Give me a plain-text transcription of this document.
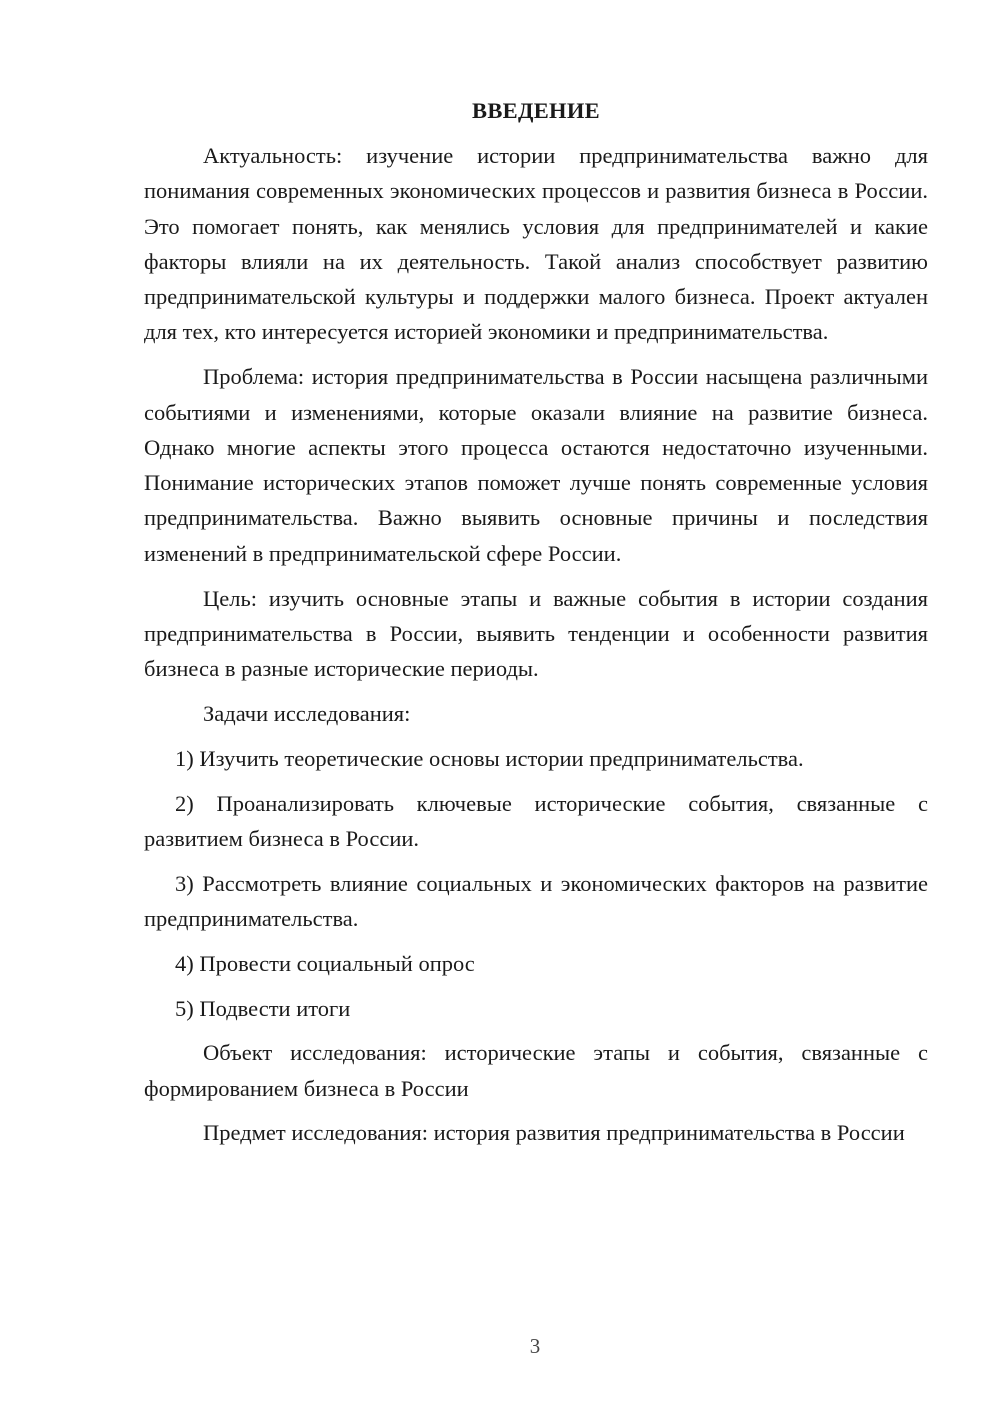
ВВЕДЕНИЕ

Актуальность: изучение истории предпринимательства важно для понимания современных экономических процессов и развития бизнеса в России. Это помогает понять, как менялись условия для предпринимателей и какие факторы влияли на их деятельность. Такой анализ способствует развитию предпринимательской культуры и поддержки малого бизнеса. Проект актуален для тех, кто интересуется историей экономики и предпринимательства.

Проблема: история предпринимательства в России насыщена различными событиями и изменениями, которые оказали влияние на развитие бизнеса. Однако многие аспекты этого процесса остаются недостаточно изученными. Понимание исторических этапов поможет лучше понять современные условия предпринимательства. Важно выявить основные причины и последствия изменений в предпринимательской сфере России.

Цель: изучить основные этапы и важные события в истории создания предпринимательства в России, выявить тенденции и особенности развития бизнеса в разные исторические периоды.

Задачи исследования:

1) Изучить теоретические основы истории предпринимательства.

2) Проанализировать ключевые исторические события, связанные с развитием бизнеса в России.

3) Рассмотреть влияние социальных и экономических факторов на развитие предпринимательства.

4) Провести социальный опрос

5) Подвести итоги

Объект исследования: исторические этапы и события, связанные с формированием бизнеса в России

Предмет исследования: история развития предпринимательства в России

3
